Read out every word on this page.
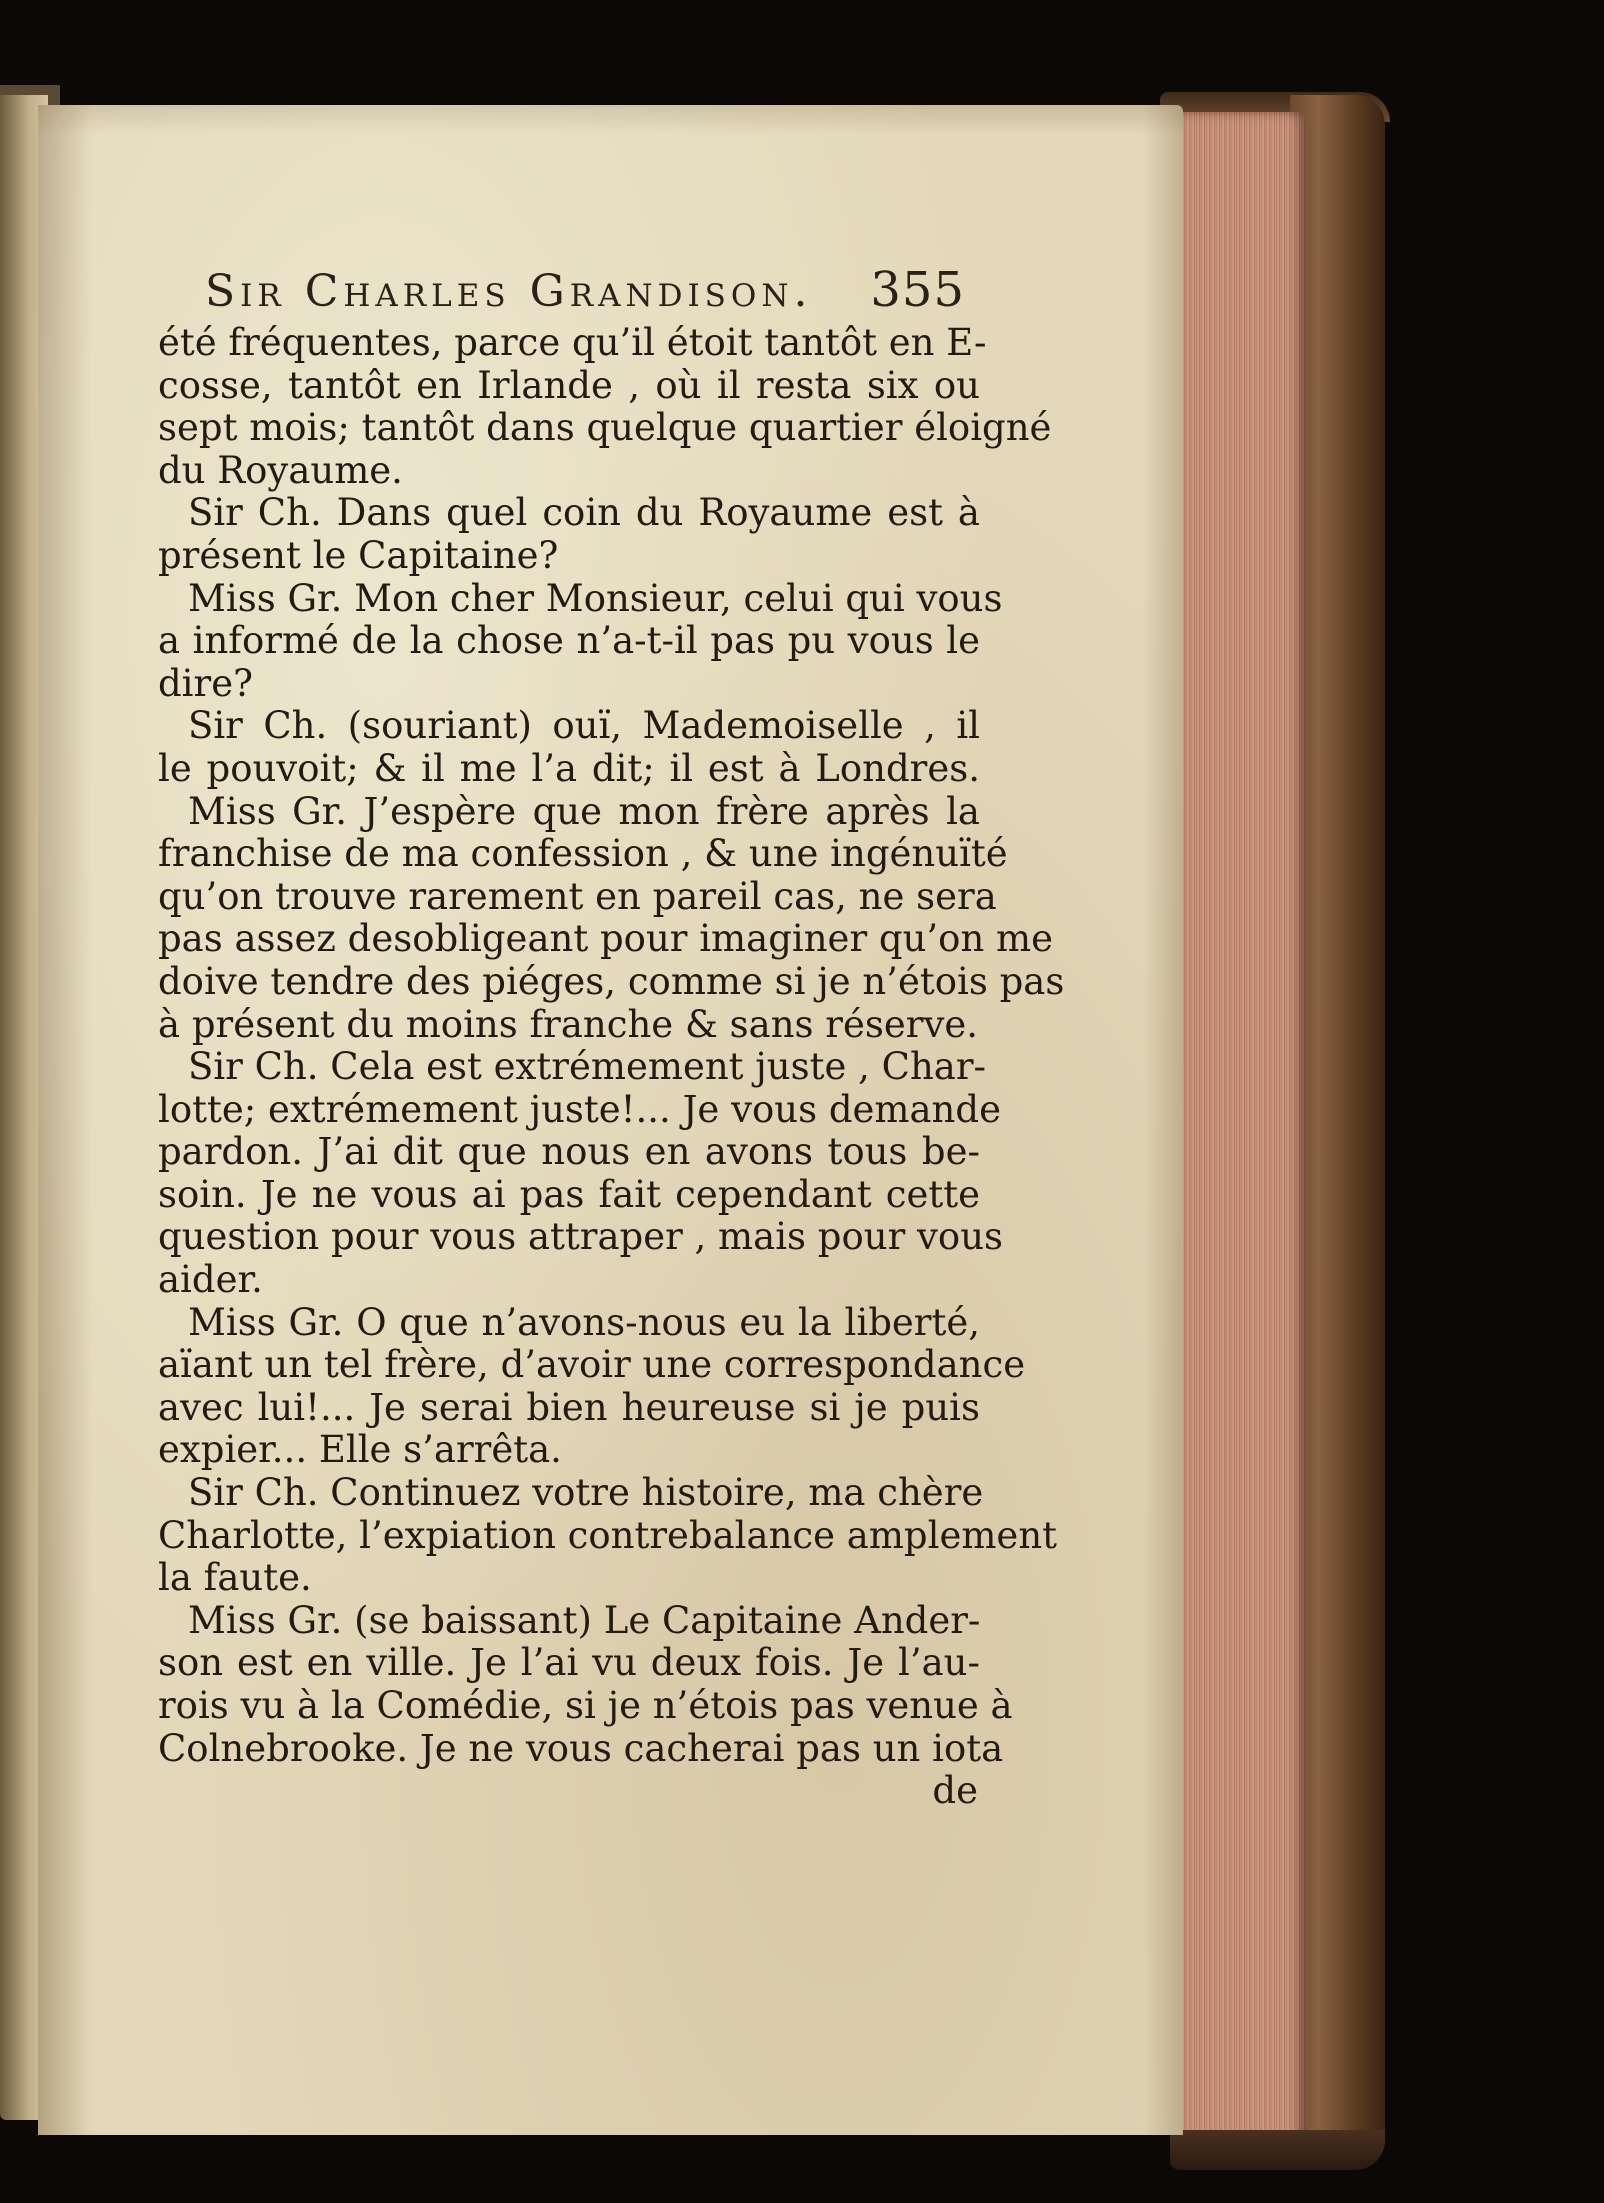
Sir Charles Grandison. 355
été fréquentes, parce qu’il étoit tantôt en E-
cosse, tantôt en Irlande , où il resta six ou
sept mois; tantôt dans quelque quartier éloigné
du Royaume.
Sir Ch. Dans quel coin du Royaume est à
présent le Capitaine?
Miss Gr. Mon cher Monsieur, celui qui vous
a informé de la chose n’a-t-il pas pu vous le
dire?
Sir Ch. (souriant) ouï, Mademoiselle , il
le pouvoit; & il me l’a dit; il est à Londres.
Miss Gr. J’espère que mon frère après la
franchise de ma confession , & une ingénuïté
qu’on trouve rarement en pareil cas, ne sera
pas assez desobligeant pour imaginer qu’on me
doive tendre des piéges, comme si je n’étois pas
à présent du moins franche & sans réserve.
Sir Ch. Cela est extrémement juste , Char-
lotte; extrémement juste!... Je vous demande
pardon. J’ai dit que nous en avons tous be-
soin. Je ne vous ai pas fait cependant cette
question pour vous attraper , mais pour vous
aider.
Miss Gr. O que n’avons-nous eu la liberté,
aïant un tel frère, d’avoir une correspondance
avec lui!... Je serai bien heureuse si je puis
expier... Elle s’arrêta.
Sir Ch. Continuez votre histoire, ma chère
Charlotte, l’expiation contrebalance amplement
la faute.
Miss Gr. (se baissant) Le Capitaine Ander-
son est en ville. Je l’ai vu deux fois. Je l’au-
rois vu à la Comédie, si je n’étois pas venue à
Colnebrooke. Je ne vous cacherai pas un iota
de
